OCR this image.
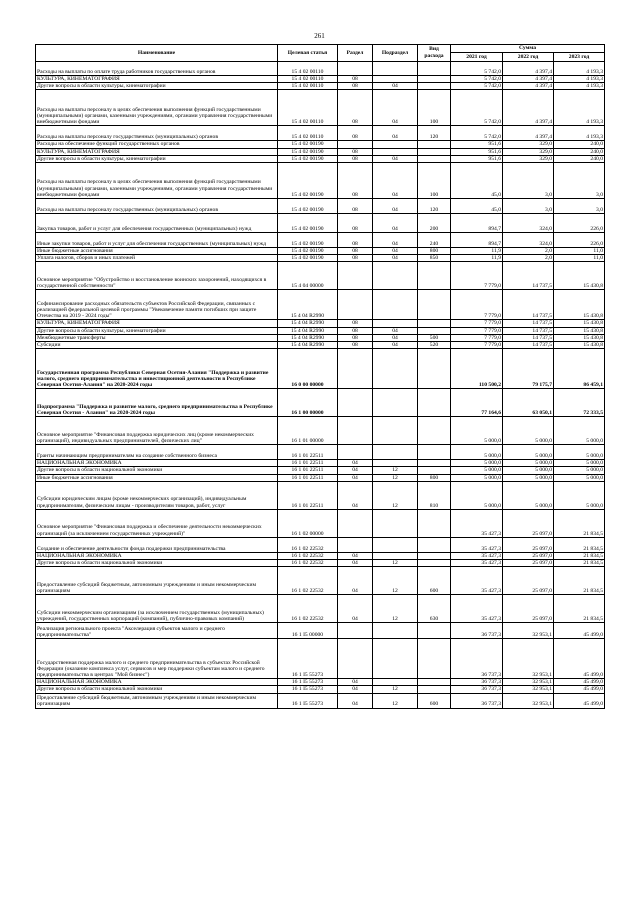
261
Наименование	Целевая статья	Раздел	Подраздел	Вид расхода	Сумма		
					2021 год	2022 год	2023 год
Расходы на выплаты по оплате труда работников государственных органов	15 4 02 00110				5 742,0	4 397,4	4 193,3
КУЛЬТУРА, КИНЕМАТОГРАФИЯ	15 4 02 00110	08			5 742,0	4 397,4	4 193,3
Другие вопросы в области культуры, кинематографии	15 4 02 00110	08	04		5 742,0	4 397,4	4 193,3
Расходы на выплаты персоналу в целях обеспечения выполнения функций государственными (муниципальными) органами, казенными учреждениями, органами управления государственными внебюджетными фондами	15 4 02 00110	08	04	100	5 742,0	4 397,4	4 193,3
Расходы на выплаты персоналу государственных (муниципальных) органов	15 4 02 00110	08	04	120	5 742,0	4 397,4	4 193,3
Расходы на обеспечение функций государственных органов	15 4 02 00190				951,6	329,0	240,0
КУЛЬТУРА, КИНЕМАТОГРАФИЯ	15 4 02 00190	08			951,6	329,0	240,0
Другие вопросы в области культуры, кинематографии	15 4 02 00190	08	04		951,6	329,0	240,0
Расходы на выплаты персоналу в целях обеспечения выполнения функций государственными (муниципальными) органами, казенными учреждениями, органами управления государственными внебюджетными фондами	15 4 02 00190	08	04	100	45,0	3,0	3,0
Расходы на выплаты персоналу государственных (муниципальных) органов	15 4 02 00190	08	04	120	45,0	3,0	3,0
Закупка товаров, работ и услуг для обеспечения государственных (муниципальных) нужд	15 4 02 00190	08	04	200	894,7	324,0	226,0
Иные закупки товаров, работ и услуг для обеспечения государственных (муниципальных) нужд	15 4 02 00190	08	04	240	894,7	324,0	226,0
Иные бюджетные ассигнования	15 4 02 00190	08	04	800	11,9	2,0	11,0
Уплата налогов, сборов и иных платежей	15 4 02 00190	08	04	850	11,9	2,0	11,0
Основное мероприятие "Обустройство и восстановление воинских захоронений, находящихся в государственной собственности"	15 4 04 00000				7 779,0	14 737,5	15 430,8
Софинансирование расходных обязательств субъектов Российской Федерации, связанных с реализацией федеральной целевой программы "Увековечение памяти погибших при защите Отечества на 2019 - 2024 годы"	15 4 04 R2990				7 779,0	14 737,5	15 430,8
КУЛЬТУРА, КИНЕМАТОГРАФИЯ	15 4 04 R2990	08			7 779,0	14 737,5	15 430,8
Другие вопросы в области культуры, кинематографии	15 4 04 R2990	08	04		7 779,0	14 737,5	15 430,8
Межбюджетные трансферты	15 4 04 R2990	08	04	500	7 779,0	14 737,5	15 430,8
Субсидии	15 4 04 R2990	08	04	520	7 779,0	14 737,5	15 430,8
Государственная программа Республики Северная Осетия-Алания "Поддержка и развитие малого, среднего предпринимательства и инвестиционной деятельности в Республике Северная Осетия-Алания" на 2020-2024 годы	16 0 00 00000				110 500,2	79 175,7	86 459,1
Подпрограмма "Поддержка и развитие малого, среднего предпринимательства в Республике Северная Осетия - Алания" на 2020-2024 годы	16 1 00 00000				77 164,6	63 050,1	72 333,5
Основное мероприятие "Финансовая поддержка юридических лиц (кроме некоммерческих организаций), индивидуальных предпринимателей, физических лиц"	16 1 01 00000				5 000,0	5 000,0	5 000,0
Гранты начинающим предпринимателям на создание собственного бизнеса	16 1 01 22511				5 000,0	5 000,0	5 000,0
НАЦИОНАЛЬНАЯ ЭКОНОМИКА	16 1 01 22511	04			5 000,0	5 000,0	5 000,0
Другие вопросы в области национальной экономики	16 1 01 22511	04	12		5 000,0	5 000,0	5 000,0
Иные бюджетные ассигнования	16 1 01 22511	04	12	800	5 000,0	5 000,0	5 000,0
Субсидии юридическим лицам (кроме некоммерческих организаций), индивидуальным предпринимателям, физическим лицам - производителям товаров, работ, услуг	16 1 01 22511	04	12	810	5 000,0	5 000,0	5 000,0
Основное мероприятие "Финансовая поддержка и обеспечение деятельности некоммерческих организаций (за исключением государственных учреждений)"	16 1 02 00000				35 427,3	25 097,0	21 834,5
Создание и обеспечение деятельности фонда поддержки предпринимательства	16 1 02 22532				35 427,3	25 097,0	21 834,5
НАЦИОНАЛЬНАЯ ЭКОНОМИКА	16 1 02 22532	04			35 427,3	25 097,0	21 834,5
Другие вопросы в области национальной экономики	16 1 02 22532	04	12		35 427,3	25 097,0	21 834,5
Предоставление субсидий бюджетным, автономным учреждениям и иным некоммерческим организациям	16 1 02 22532	04	12	600	35 427,3	25 097,0	21 834,5
Субсидии некоммерческим организациям (за исключением государственных (муниципальных) учреждений, государственных корпораций (компаний), публично-правовых компаний)	16 1 02 22532	04	12	630	35 427,3	25 097,0	21 834,5
Реализация регионального проекта "Акселерация субъектов малого и среднего предпринимательства"	16 1 I5 00000				36 737,3	32 953,1	45 499,0
Государственная поддержка малого и среднего предпринимательства в субъектах Российской Федерации (оказание комплекса услуг, сервисов и мер поддержки субъектам малого и среднего предпринимательства в центрах "Мой бизнес")	16 1 I5 55273				36 737,3	32 953,1	45 499,0
НАЦИОНАЛЬНАЯ ЭКОНОМИКА	16 1 I5 55273	04			36 737,3	32 953,1	45 499,0
Другие вопросы в области национальной экономики	16 1 I5 55273	04	12		36 737,3	32 953,1	45 499,0
Предоставление субсидий бюджетным, автономным учреждениям и иным некоммерческим организациям	16 1 I5 55273	04	12	600	36 737,3	32 953,1	45 499,0
